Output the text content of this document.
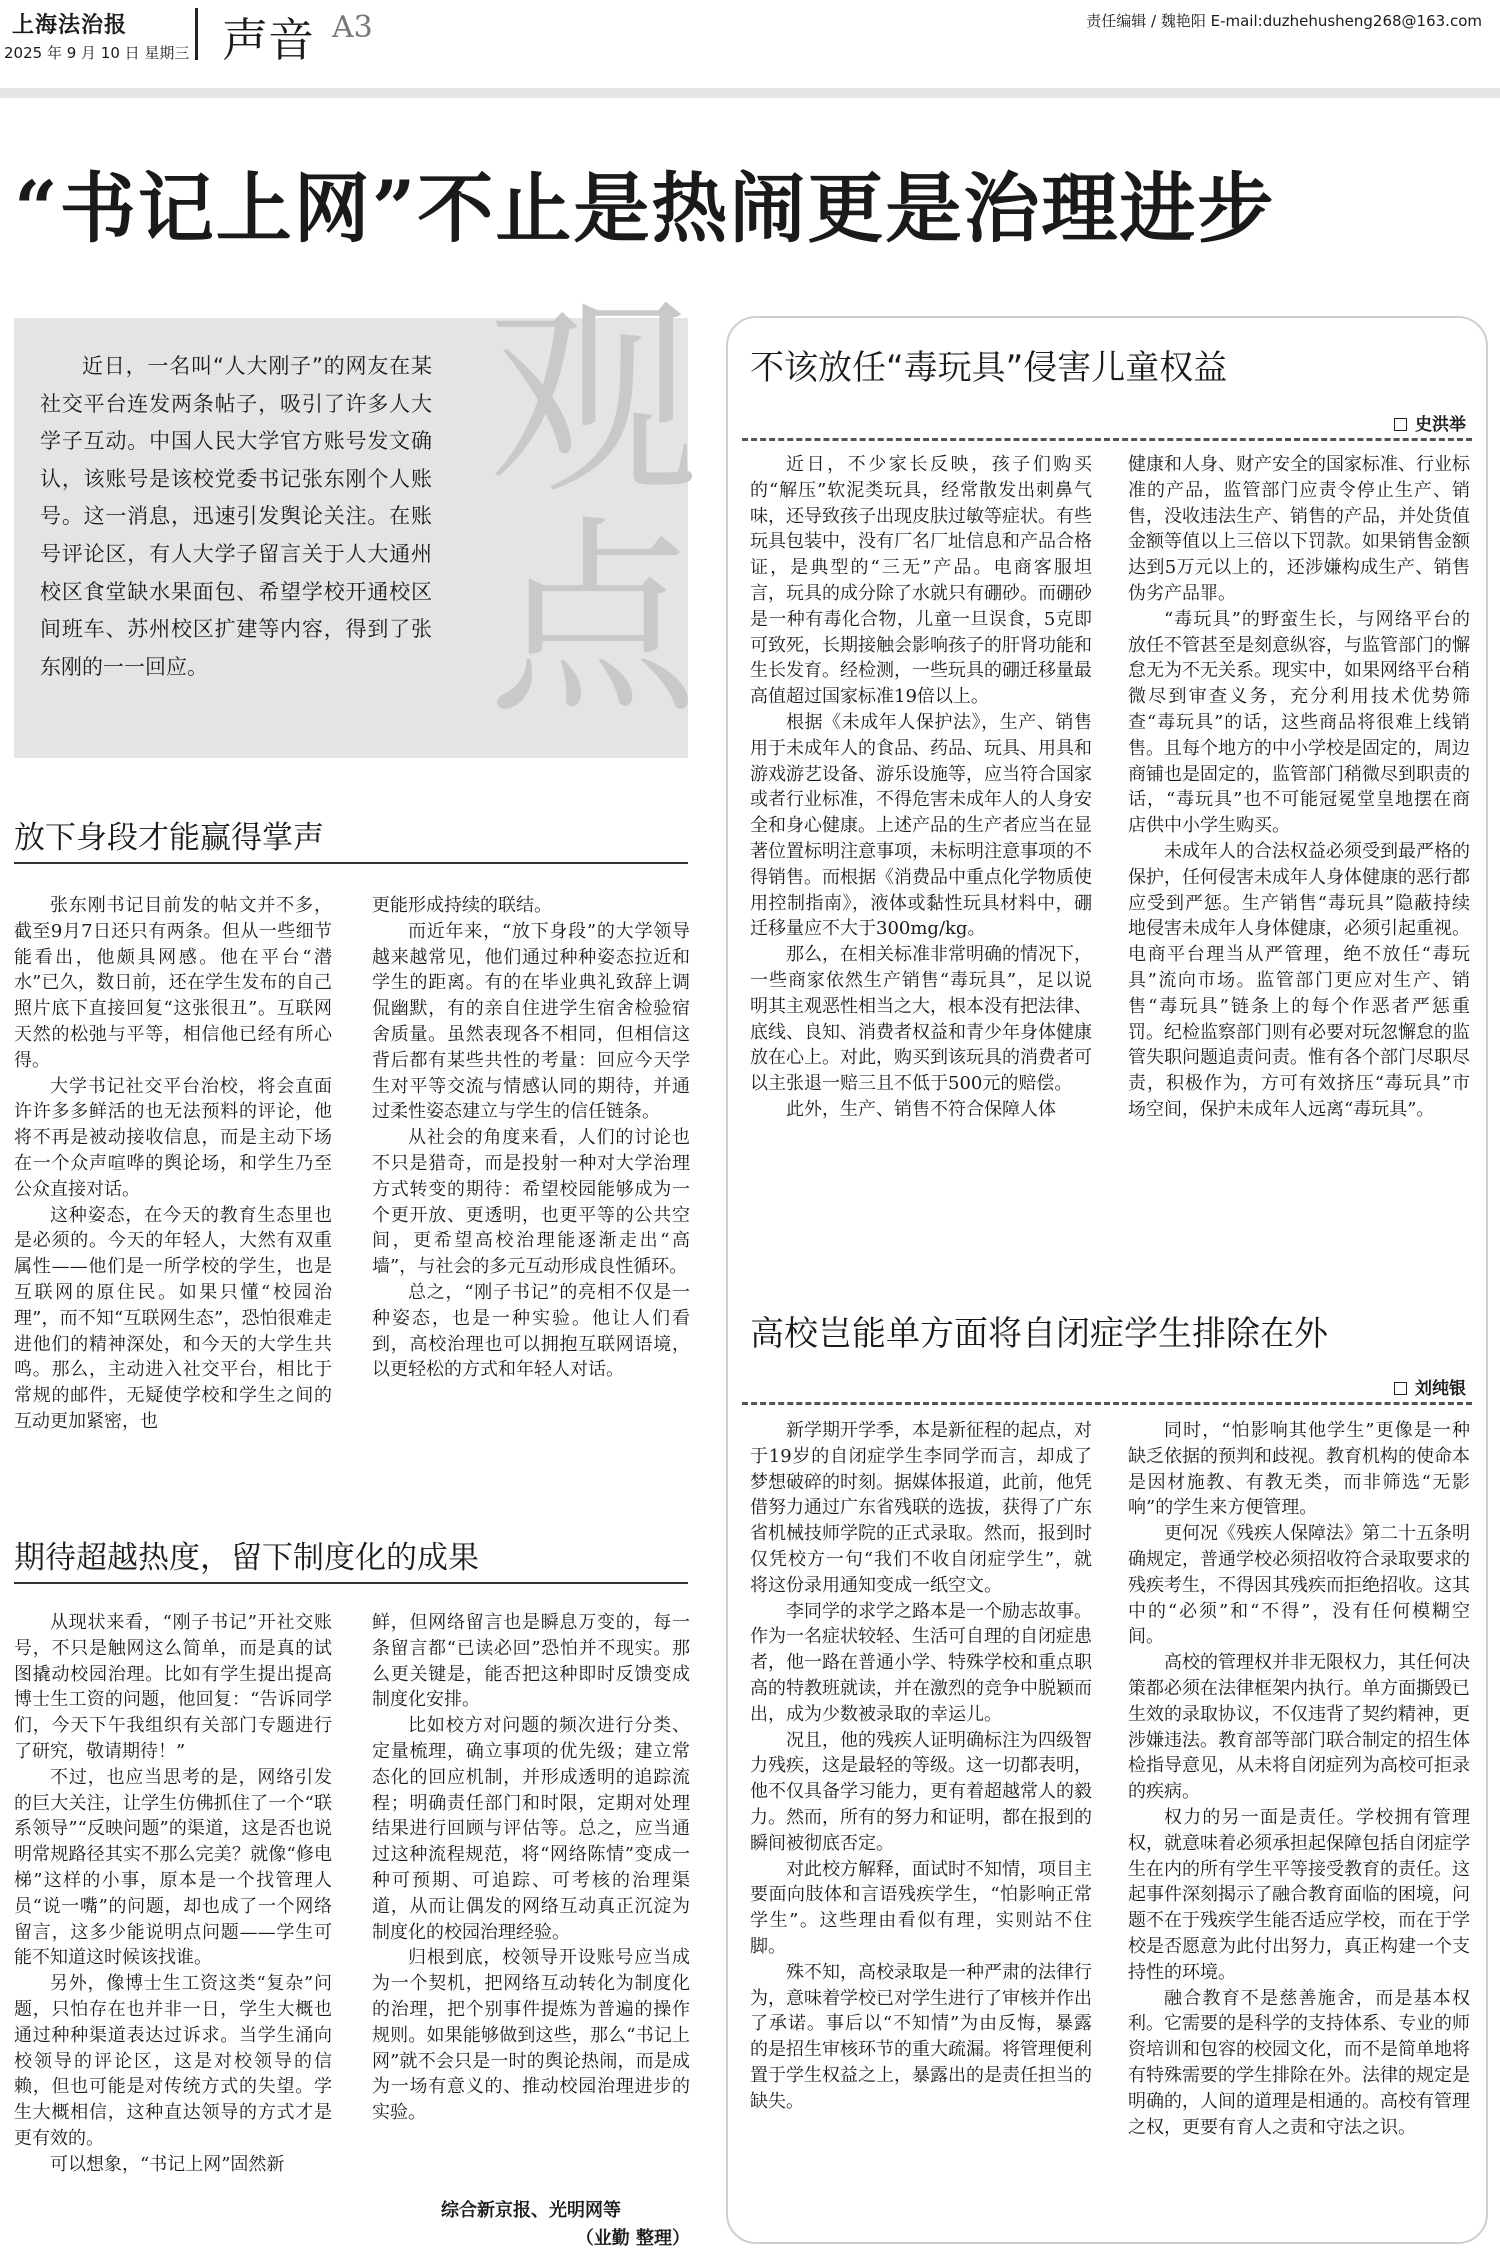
上海法治报
2025 年 9 月 10 日 星期三 声音 A3	责任编辑 / 魏艳阳 E-mail:duzhehusheng268@163.com
“书记上网”不止是热闹更是治理进步
观点
近日，一名叫“人大刚子”的网友在某社交平台连发两条帖子，吸引了许多人大学子互动。中国人民大学官方账号发文确认，该账号是该校党委书记张东刚个人账号。这一消息，迅速引发舆论关注。在账号评论区，有人大学子留言关于人大通州校区食堂缺水果面包、希望学校开通校区间班车、苏州校区扩建等内容，得到了张东刚的一一回应。
放下身段才能赢得掌声

张东刚书记目前发的帖文并不多，截至9月7日还只有两条。但从一些细节能看出，他颇具网感。他在平台“潜水”已久，数日前，还在学生发布的自己照片底下直接回复“这张很丑”。互联网天然的松弛与平等，相信他已经有所心得。

大学书记社交平台治校，将会直面许许多多鲜活的也无法预料的评论，他将不再是被动接收信息，而是主动下场在一个众声喧哗的舆论场，和学生乃至公众直接对话。

这种姿态，在今天的教育生态里也是必须的。今天的年轻人，大然有双重属性——他们是一所学校的学生，也是互联网的原住民。如果只懂“校园治理”，而不知“互联网生态”，恐怕很难走进他们的精神深处，和今天的大学生共鸣。那么，主动进入社交平台，相比于常规的邮件，无疑使学校和学生之间的互动更加紧密，也

更能形成持续的联结。

而近年来，“放下身段”的大学领导越来越常见，他们通过种种姿态拉近和学生的距离。有的在毕业典礼致辞上调侃幽默，有的亲自住进学生宿舍检验宿舍质量。虽然表现各不相同，但相信这背后都有某些共性的考量：回应今天学生对平等交流与情感认同的期待，并通过柔性姿态建立与学生的信任链条。

从社会的角度来看，人们的讨论也不只是猎奇，而是投射一种对大学治理方式转变的期待：希望校园能够成为一个更开放、更透明，也更平等的公共空间，更希望高校治理能逐渐走出“高墙”，与社会的多元互动形成良性循环。

总之，“刚子书记”的亮相不仅是一种姿态，也是一种实验。他让人们看到，高校治理也可以拥抱互联网语境，以更轻松的方式和年轻人对话。

期待超越热度，留下制度化的成果

从现状来看，“刚子书记”开社交账号，不只是触网这么简单，而是真的试图撬动校园治理。比如有学生提出提高博士生工资的问题，他回复：“告诉同学们，今天下午我组织有关部门专题进行了研究，敬请期待！”

不过，也应当思考的是，网络引发的巨大关注，让学生仿佛抓住了一个“联系领导”“反映问题”的渠道，这是否也说明常规路径其实不那么完美？就像“修电梯”这样的小事，原本是一个找管理人员“说一嘴”的问题，却也成了一个网络留言，这多少能说明点问题——学生可能不知道这时候该找谁。

另外，像博士生工资这类“复杂”问题，只怕存在也并非一日，学生大概也通过种种渠道表达过诉求。当学生涌向校领导的评论区，这是对校领导的信赖，但也可能是对传统方式的失望。学生大概相信，这种直达领导的方式才是更有效的。

可以想象，“书记上网”固然新

鲜，但网络留言也是瞬息万变的，每一条留言都“已读必回”恐怕并不现实。那么更关键是，能否把这种即时反馈变成制度化安排。

比如校方对问题的频次进行分类、定量梳理，确立事项的优先级；建立常态化的回应机制，并形成透明的追踪流程；明确责任部门和时限，定期对处理结果进行回顾与评估等。总之，应当通过这种流程规范，将“网络陈情”变成一种可预期、可追踪、可考核的治理渠道，从而让偶发的网络互动真正沉淀为制度化的校园治理经验。

归根到底，校领导开设账号应当成为一个契机，把网络互动转化为制度化的治理，把个别事件提炼为普遍的操作规则。如果能够做到这些，那么“书记上网”就不会只是一时的舆论热闹，而是成为一场有意义的、推动校园治理进步的实验。

综合新京报、光明网等
（业勤 整理）
不该放任“毒玩具”侵害儿童权益
史洪举

近日，不少家长反映，孩子们购买的“解压”软泥类玩具，经常散发出刺鼻气味，还导致孩子出现皮肤过敏等症状。有些玩具包装中，没有厂名厂址信息和产品合格证，是典型的“三无”产品。电商客服坦言，玩具的成分除了水就只有硼砂。而硼砂是一种有毒化合物，儿童一旦误食，5克即可致死，长期接触会影响孩子的肝肾功能和生长发育。经检测，一些玩具的硼迁移量最高值超过国家标准19倍以上。

根据《未成年人保护法》，生产、销售用于未成年人的食品、药品、玩具、用具和游戏游艺设备、游乐设施等，应当符合国家或者行业标准，不得危害未成年人的人身安全和身心健康。上述产品的生产者应当在显著位置标明注意事项，未标明注意事项的不得销售。而根据《消费品中重点化学物质使用控制指南》，液体或黏性玩具材料中，硼迁移量应不大于300mg/kg。

那么，在相关标准非常明确的情况下，一些商家依然生产销售“毒玩具”，足以说明其主观恶性相当之大，根本没有把法律、底线、良知、消费者权益和青少年身体健康放在心上。对此，购买到该玩具的消费者可以主张退一赔三且不低于500元的赔偿。

此外，生产、销售不符合保障人体

健康和人身、财产安全的国家标准、行业标准的产品，监管部门应责令停止生产、销售，没收违法生产、销售的产品，并处货值金额等值以上三倍以下罚款。如果销售金额达到5万元以上的，还涉嫌构成生产、销售伪劣产品罪。

“毒玩具”的野蛮生长，与网络平台的放任不管甚至是刻意纵容，与监管部门的懈怠无为不无关系。现实中，如果网络平台稍微尽到审查义务，充分利用技术优势筛查“毒玩具”的话，这些商品将很难上线销售。且每个地方的中小学校是固定的，周边商铺也是固定的，监管部门稍微尽到职责的话，“毒玩具”也不可能冠冕堂皇地摆在商店供中小学生购买。

未成年人的合法权益必须受到最严格的保护，任何侵害未成年人身体健康的恶行都应受到严惩。生产销售“毒玩具”隐蔽持续地侵害未成年人身体健康，必须引起重视。电商平台理当从严管理，绝不放任“毒玩具”流向市场。监管部门更应对生产、销售“毒玩具”链条上的每个作恶者严惩重罚。纪检监察部门则有必要对玩忽懈怠的监管失职问题追责问责。惟有各个部门尽职尽责，积极作为，方可有效挤压“毒玩具”市场空间，保护未成年人远离“毒玩具”。

高校岂能单方面将自闭症学生排除在外
刘纯银

新学期开学季，本是新征程的起点，对于19岁的自闭症学生李同学而言，却成了梦想破碎的时刻。据媒体报道，此前，他凭借努力通过广东省残联的选拔，获得了广东省机械技师学院的正式录取。然而，报到时仅凭校方一句“我们不收自闭症学生”，就将这份录用通知变成一纸空文。

李同学的求学之路本是一个励志故事。作为一名症状较轻、生活可自理的自闭症患者，他一路在普通小学、特殊学校和重点职高的特教班就读，并在激烈的竞争中脱颖而出，成为少数被录取的幸运儿。

况且，他的残疾人证明确标注为四级智力残疾，这是最轻的等级。这一切都表明，他不仅具备学习能力，更有着超越常人的毅力。然而，所有的努力和证明，都在报到的瞬间被彻底否定。

对此校方解释，面试时不知情，项目主要面向肢体和言语残疾学生，“怕影响正常学生”。这些理由看似有理，实则站不住脚。

殊不知，高校录取是一种严肃的法律行为，意味着学校已对学生进行了审核并作出了承诺。事后以“不知情”为由反悔，暴露的是招生审核环节的重大疏漏。将管理便利置于学生权益之上，暴露出的是责任担当的缺失。

同时，“怕影响其他学生”更像是一种缺乏依据的预判和歧视。教育机构的使命本是因材施教、有教无类，而非筛选“无影响”的学生来方便管理。

更何况《残疾人保障法》第二十五条明确规定，普通学校必须招收符合录取要求的残疾考生，不得因其残疾而拒绝招收。这其中的“必须”和“不得”，没有任何模糊空间。

高校的管理权并非无限权力，其任何决策都必须在法律框架内执行。单方面撕毁已生效的录取协议，不仅违背了契约精神，更涉嫌违法。教育部等部门联合制定的招生体检指导意见，从未将自闭症列为高校可拒录的疾病。

权力的另一面是责任。学校拥有管理权，就意味着必须承担起保障包括自闭症学生在内的所有学生平等接受教育的责任。这起事件深刻揭示了融合教育面临的困境，问题不在于残疾学生能否适应学校，而在于学校是否愿意为此付出努力，真正构建一个支持性的环境。

融合教育不是慈善施舍，而是基本权利。它需要的是科学的支持体系、专业的师资培训和包容的校园文化，而不是简单地将有特殊需要的学生排除在外。法律的规定是明确的，人间的道理是相通的。高校有管理之权，更要有育人之责和守法之识。
